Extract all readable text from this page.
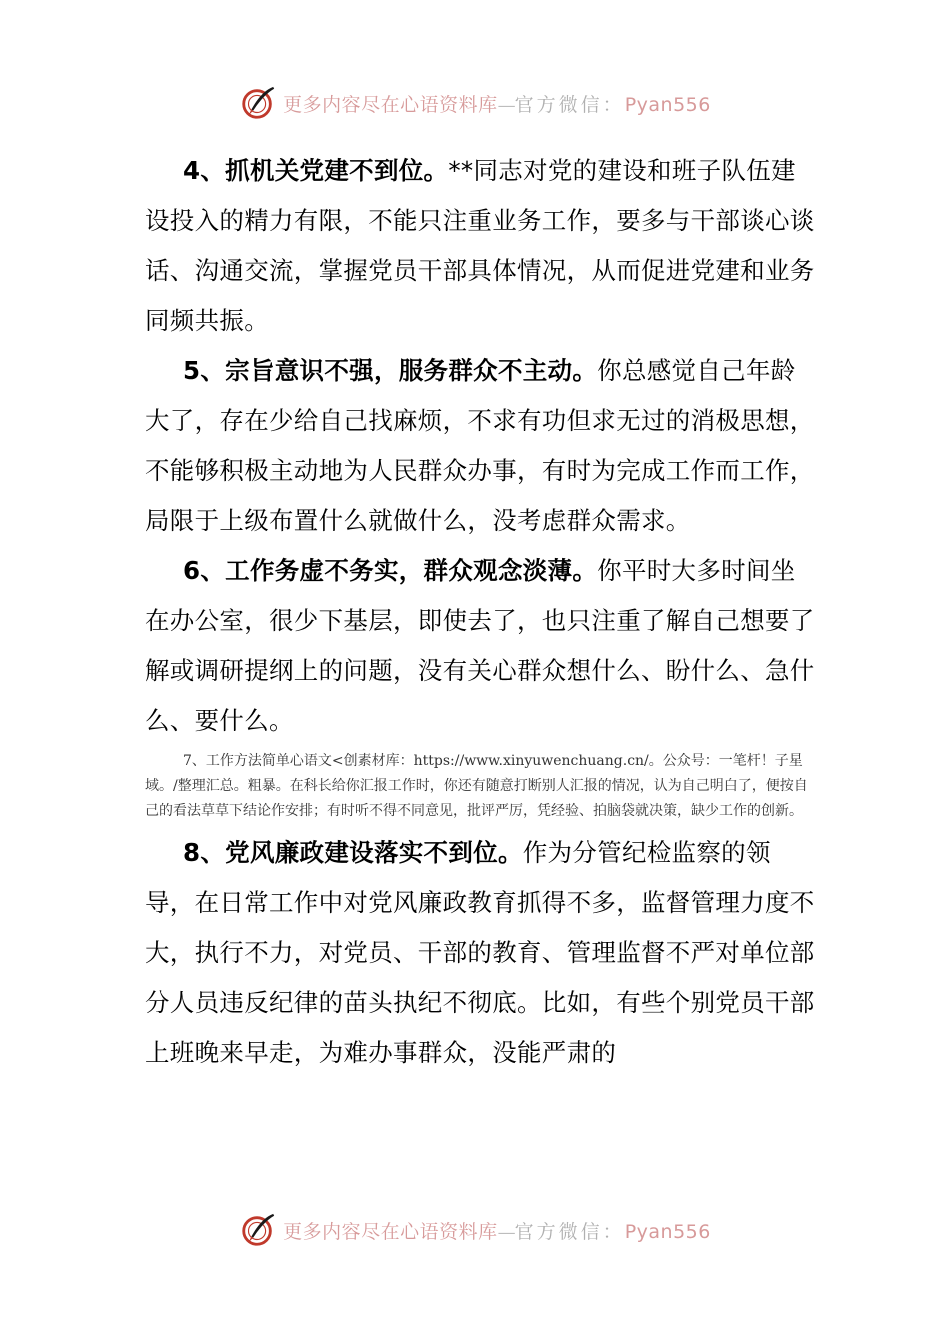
更多内容尽在心语资料库—官方微信：Pyan556

4、抓机关党建不到位。**同志对党的建设和班子队伍建设投入的精力有限，不能只注重业务工作，要多与干部谈心谈话、沟通交流，掌握党员干部具体情况，从而促进党建和业务同频共振。

5、宗旨意识不强，服务群众不主动。你总感觉自己年龄大了，存在少给自己找麻烦，不求有功但求无过的消极思想，不能够积极主动地为人民群众办事，有时为完成工作而工作，局限于上级布置什么就做什么，没考虑群众需求。

6、工作务虚不务实，群众观念淡薄。你平时大多时间坐在办公室，很少下基层，即使去了，也只注重了解自己想要了解或调研提纲上的问题，没有关心群众想什么、盼什么、急什么、要什么。

7、工作方法简单心语文<创素材库：https://www.xinyuwenchuang.cn/。公众号：一笔杆！子星域。/整理汇总。粗暴。在科长给你汇报工作时，你还有随意打断别人汇报的情况，认为自己明白了，便按自己的看法草草下结论作安排；有时听不得不同意见，批评严厉，凭经验、拍脑袋就决策，缺少工作的创新。

8、党风廉政建设落实不到位。作为分管纪检监察的领导，在日常工作中对党风廉政教育抓得不多，监督管理力度不大，执行不力，对党员、干部的教育、管理监督不严对单位部分人员违反纪律的苗头执纪不彻底。比如，有些个别党员干部上班晚来早走，为难办事群众，没能严肃的

更多内容尽在心语资料库—官方微信：Pyan556
